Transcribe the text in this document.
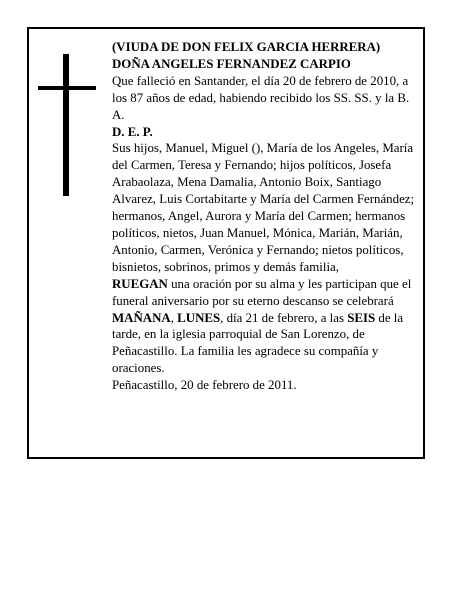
(VIUDA DE DON FELIX GARCIA HERRERA)

DOÑA ANGELES FERNANDEZ CARPIO

Que falleció en Santander, el día 20 de febrero de 2010, a los 87 años de edad, habiendo recibido los SS. SS. y la B. A.

D. E. P.

Sus hijos, Manuel, Miguel (), María de los Angeles, María del Carmen, Teresa y Fernando; hijos políticos, Josefa Arabaolaza, Mena Damalia, Antonio Boix, Santiago Alvarez, Luis Cortabitarte y María del Carmen Fernández; hermanos, Angel, Aurora y María del Carmen; hermanos políticos, nietos, Juan Manuel, Mónica, Marián, Marián, Antonio, Carmen, Verónica y Fernando; nietos políticos, bisnietos, sobrinos, primos y demás familia,

RUEGAN una oración por su alma y les participan que el funeral aniversario por su eterno descanso se celebrará MAÑANA, LUNES, día 21 de febrero, a las SEIS de la tarde, en la iglesia parroquial de San Lorenzo, de Peñacastillo. La familia les agradece su compañía y oraciones.

Peñacastillo, 20 de febrero de 2011.
